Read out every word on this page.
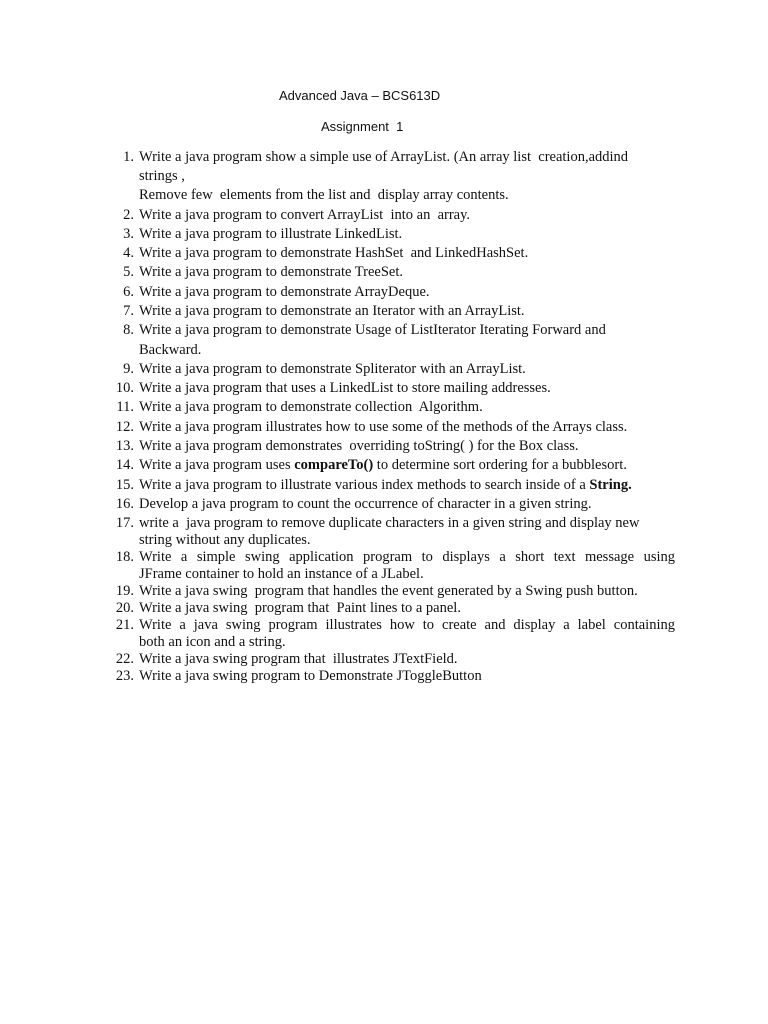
Advanced Java – BCS613D
Assignment  1
1. Write a java program show a simple use of ArrayList. (An array list  creation,addind
strings ,
Remove few  elements from the list and  display array contents.
2. Write a java program to convert ArrayList  into an  array.
3. Write a java program to illustrate LinkedList.
4. Write a java program to demonstrate HashSet  and LinkedHashSet.
5. Write a java program to demonstrate TreeSet.
6. Write a java program to demonstrate ArrayDeque.
7. Write a java program to demonstrate an Iterator with an ArrayList.
8. Write a java program to demonstrate Usage of ListIterator Iterating Forward and
Backward.
9. Write a java program to demonstrate Spliterator with an ArrayList.
10. Write a java program that uses a LinkedList to store mailing addresses.
11. Write a java program to demonstrate collection  Algorithm.
12. Write a java program illustrates how to use some of the methods of the Arrays class.
13. Write a java program demonstrates  overriding toString( ) for the Box class.
14. Write a java program uses compareTo() to determine sort ordering for a bubblesort.
15. Write a java program to illustrate various index methods to search inside of a String.
16. Develop a java program to count the occurrence of character in a given string.
17. write a  java program to remove duplicate characters in a given string and display new
string without any duplicates.
18. Write a simple swing application program to displays a short text message using
JFrame container to hold an instance of a JLabel.
19. Write a java swing  program that handles the event generated by a Swing push button.
20. Write a java swing  program that  Paint lines to a panel.
21. Write a java swing program illustrates how to create and display a label containing
both an icon and a string.
22. Write a java swing program that  illustrates JTextField.
23. Write a java swing program to Demonstrate JToggleButton
